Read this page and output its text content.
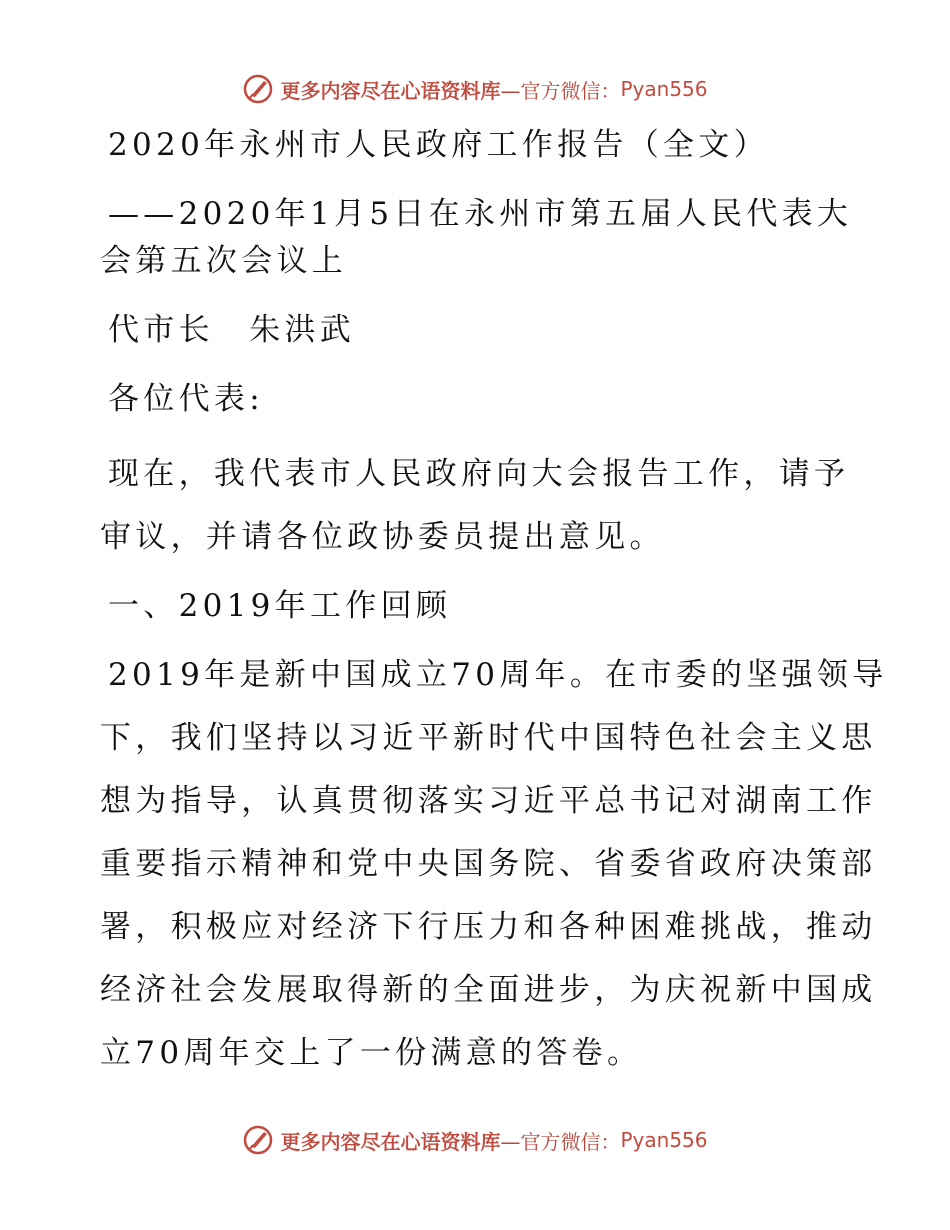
更多内容尽在心语资料库 —官方微信： Pyan556

2020年永州市人民政府工作报告（全文）

——2020年1月5日在永州市第五届人民代表大

会第五次会议上

代市长　朱洪武

各位代表:

现在，我代表市人民政府向大会报告工作，请予

审议，并请各位政协委员提出意见。

一、2019年工作回顾

2019年是新中国成立70周年。在市委的坚强领导

下，我们坚持以习近平新时代中国特色社会主义思

想为指导，认真贯彻落实习近平总书记对湖南工作

重要指示精神和党中央国务院、省委省政府决策部

署，积极应对经济下行压力和各种困难挑战，推动

经济社会发展取得新的全面进步，为庆祝新中国成

立70周年交上了一份满意的答卷。

更多内容尽在心语资料库 —官方微信： Pyan556
